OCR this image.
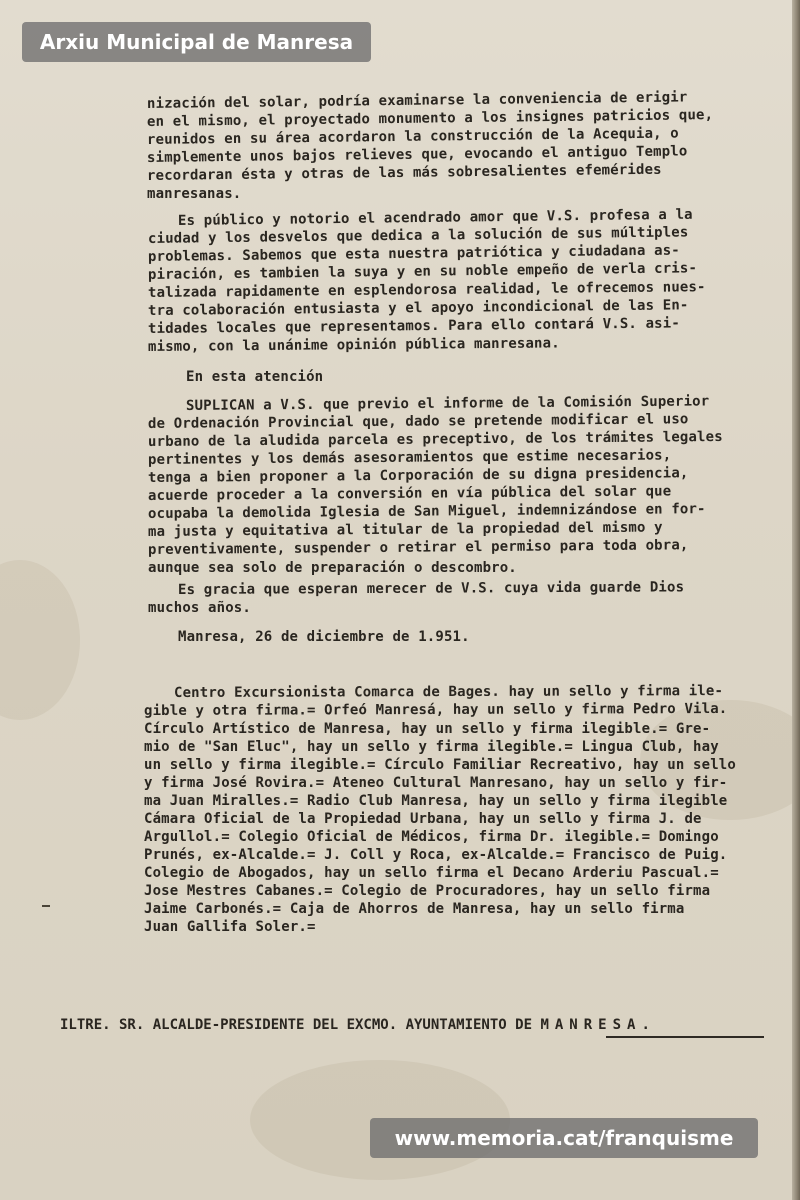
nización del solar, podría examinarse la conveniencia de erigir

en el mismo, el proyectado monumento a los insignes patricios que,

reunidos en su área acordaron la construcción de la Acequia, o

simplemente unos bajos relieves que, evocando el antiguo Templo

recordaran ésta y otras de las más sobresalientes efemérides

manresanas.

Es público y notorio el acendrado amor que V.S. profesa a la

ciudad y los desvelos que dedica a la solución de sus múltiples

problemas. Sabemos que esta nuestra patriótica y ciudadana as-

piración, es tambien la suya y en su noble empeño de verla cris-

talizada rapidamente en esplendorosa realidad, le ofrecemos nues-

tra colaboración entusiasta y el apoyo incondicional de las En-

tidades locales que representamos. Para ello contará V.S. asi-

mismo, con la unánime opinión pública manresana.

En esta atención

SUPLICAN a V.S. que previo el informe de la Comisión Superior

de Ordenación Provincial que, dado se pretende modificar el uso

urbano de la aludida parcela es preceptivo, de los trámites legales

pertinentes y los demás asesoramientos que estime necesarios,

tenga a bien proponer a la Corporación de su digna presidencia,

acuerde proceder a la conversión en vía pública del solar que

ocupaba la demolida Iglesia de San Miguel, indemnizándose en for-

ma justa y equitativa al titular de la propiedad del mismo y

preventivamente, suspender o retirar el permiso para toda obra,

aunque sea solo de preparación o descombro.

Es gracia que esperan merecer de V.S. cuya vida guarde Dios

muchos años.

Manresa, 26 de diciembre de 1.951.

Centro Excursionista Comarca de Bages. hay un sello y firma ile-

gible y otra firma.= Orfeó Manresá, hay un sello y firma Pedro Vila.

Círculo Artístico de Manresa, hay un sello y firma ilegible.= Gre-

mio de "San Eluc", hay un sello y firma ilegible.= Lingua Club, hay

un sello y firma ilegible.= Círculo Familiar Recreativo, hay un sello

y firma José Rovira.= Ateneo Cultural Manresano, hay un sello y fir-

ma Juan Miralles.= Radio Club Manresa, hay un sello y firma ilegible

Cámara Oficial de la Propiedad Urbana, hay un sello y firma J. de

Argullol.= Colegio Oficial de Médicos, firma Dr. ilegible.= Domingo

Prunés, ex-Alcalde.= J. Coll y Roca, ex-Alcalde.= Francisco de Puig.

Colegio de Abogados, hay un sello firma el Decano Arderiu Pascual.=

Jose Mestres Cabanes.= Colegio de Procuradores, hay un sello firma

Jaime Carbonés.= Caja de Ahorros de Manresa, hay un sello firma

Juan Gallifa Soler.=

ILTRE. SR. ALCALDE-PRESIDENTE DEL EXCMO. AYUNTAMIENTO DE MANRESA.
Arxiu Municipal de Manresa
www.memoria.cat/franquisme
